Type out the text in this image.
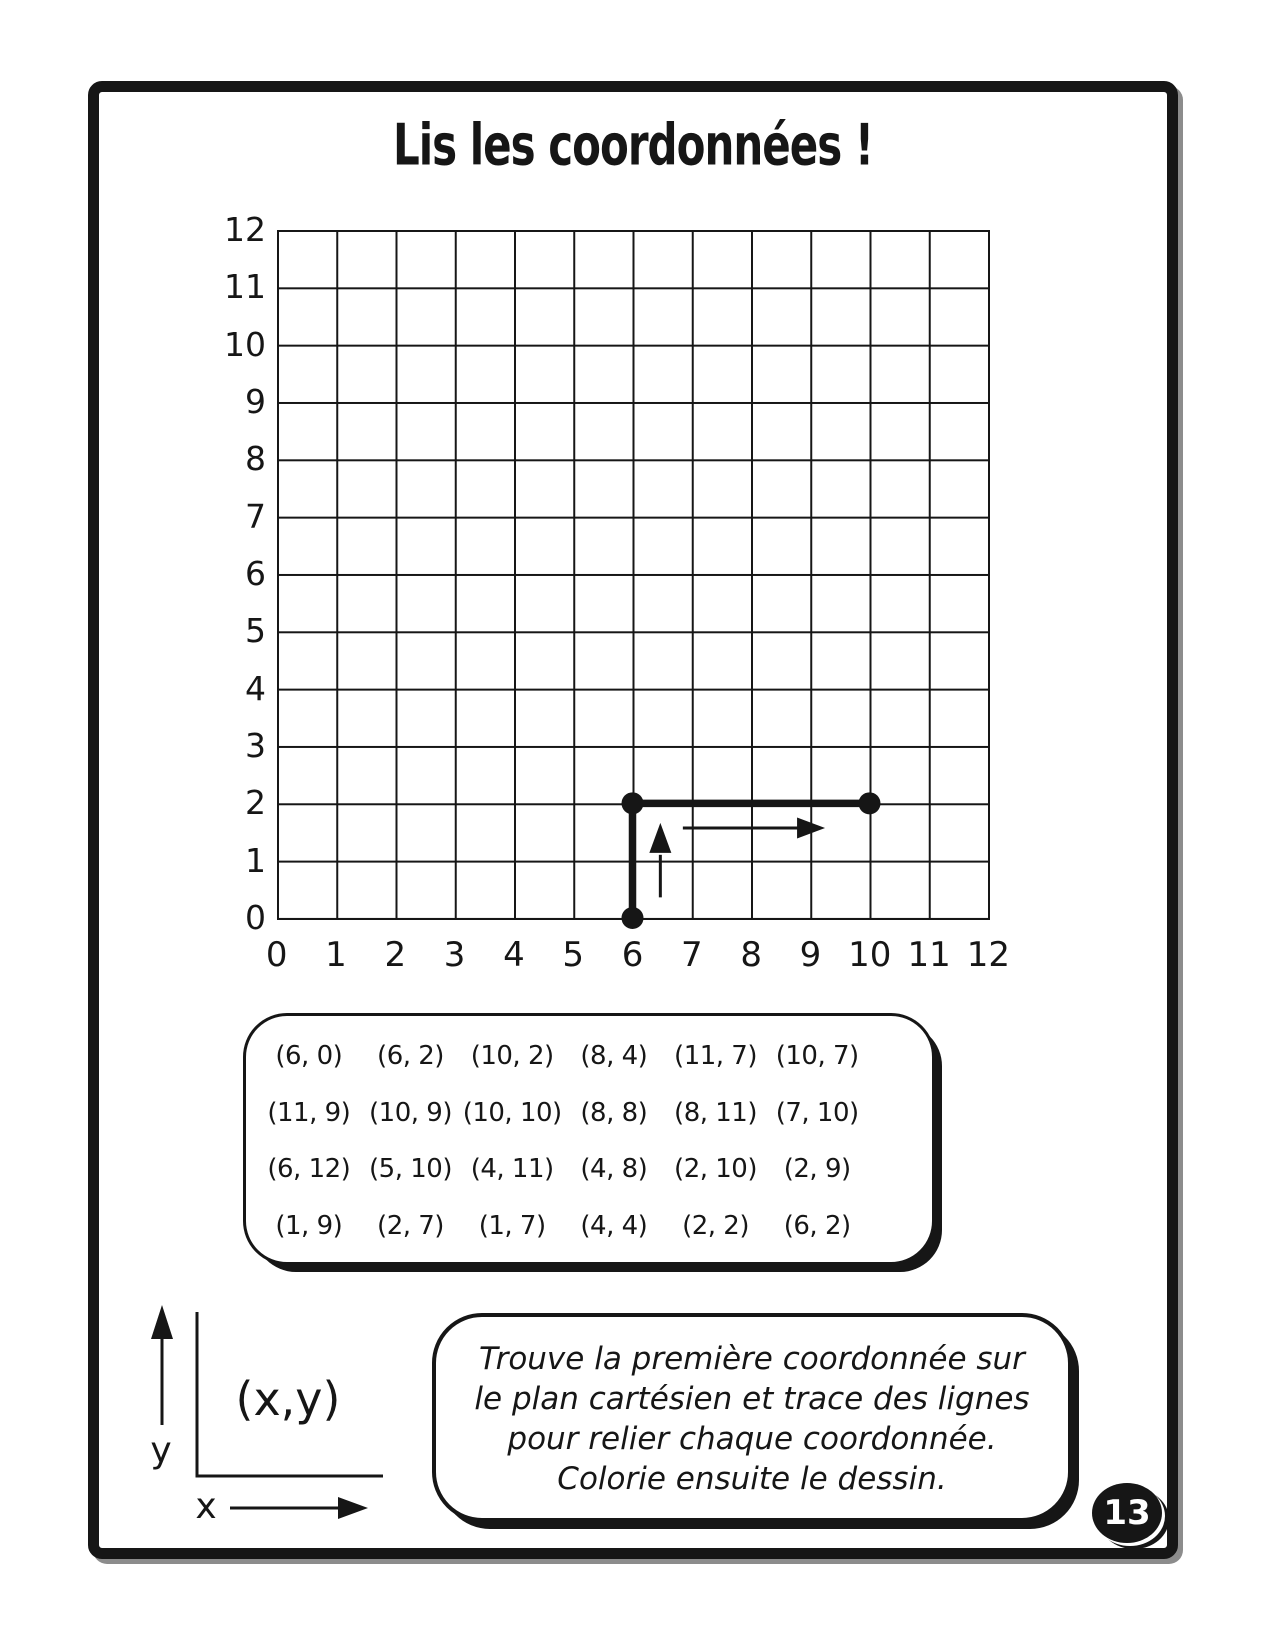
Lis les coordonnées !
12
11
10
9
8
7
6
5
4
3
2
1
0
0	1	2	3	4	5	6	7	8	9 10 11 12
(6, 0)	(6, 2)	(10, 2)	(8, 4)	(11, 7) (10, 7)
(11, 9) (10, 9) (10, 10) (8, 8)	(8, 11) (7, 10)
(6, 12) (5, 10) (4, 11)	(4, 8)	(2, 10)	(2, 9)
(1, 9)	(2, 7)	(1, 7)	(4, 4)	(2, 2)	(6, 2)
(x,y)
y
x
Trouve la première coordonnée sur
le plan cartésien et trace des lignes
pour relier chaque coordonnée.
Colorie ensuite le dessin.
13
